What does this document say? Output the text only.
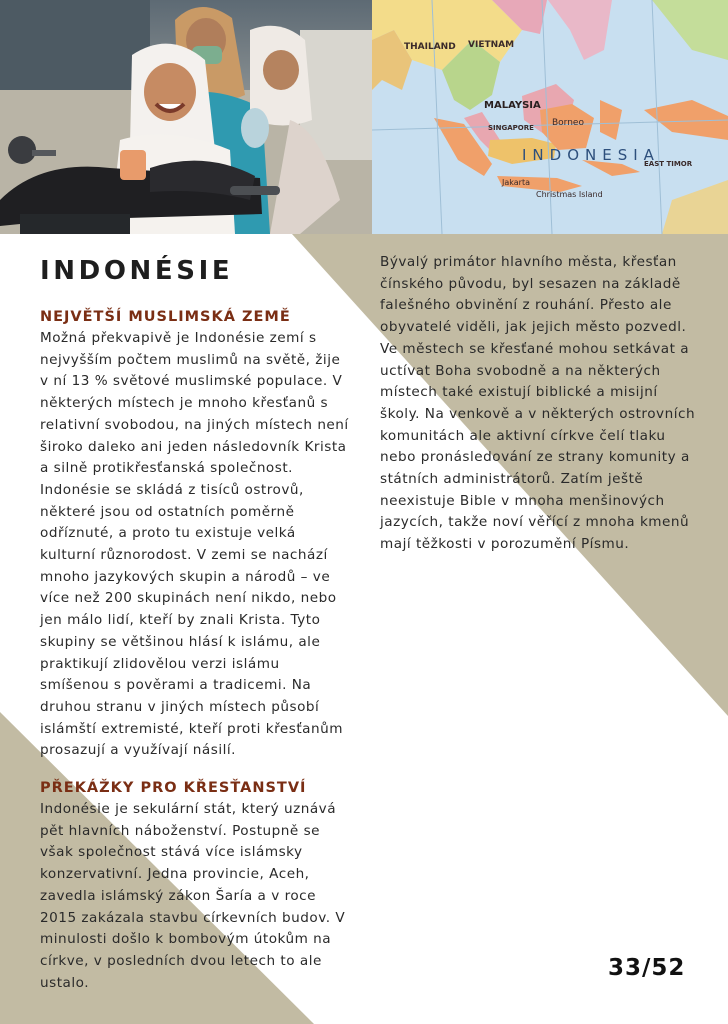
THAILAND VIETNAM
MALAYSIA
SINGAPORE Borneo
INDONESIA
Jakarta
Christmas Island
EAST TIMOR
INDONÉSIE
NEJVĚTŠÍ MUSLIMSKÁ ZEMĚ

Možná překvapivě je Indonésie zemí s nejvyšším počtem muslimů na světě, žije v ní 13 % světové muslimské populace. V některých místech je mnoho křesťanů s relativní svobodou, na jiných místech není široko daleko ani jeden následovník Krista a silně protikřesťanská společnost. Indonésie se skládá z tisíců ostrovů, některé jsou od ostatních poměrně odříznuté, a proto tu existuje velká kulturní různorodost. V zemi se nachází mnoho jazykových skupin a národů – ve více než 200 skupinách není nikdo, nebo jen málo lidí, kteří by znali Krista. Tyto skupiny se většinou hlásí k islámu, ale praktikují zlidovělou verzi islámu smíšenou s pověrami a tradicemi. Na druhou stranu v jiných místech působí islámští extremisté, kteří proti křesťanům prosazují a využívají násilí.

PŘEKÁŽKY PRO KŘESŤANSTVÍ

Indonésie je sekulární stát, který uznává pět hlavních náboženství. Postupně se však společnost stává více islámsky konzervativní. Jedna provincie, Aceh, zavedla islámský zákon Šaría a v roce 2015 zakázala stavbu církevních budov. V minulosti došlo k bombovým útokům na církve, v posledních dvou letech to ale ustalo.

Bývalý primátor hlavního města, křesťan čínského původu, byl sesazen na základě falešného obvinění z rouhání. Přesto ale obyvatelé viděli, jak jejich město pozvedl. Ve městech se křesťané mohou setkávat a uctívat Boha svobodně a na některých místech také existují biblické a misijní školy. Na venkově a v některých ostrovních komunitách ale aktivní církve čelí tlaku nebo pronásledování ze strany komunity a státních administrátorů. Zatím ještě neexistuje Bible v mnoha menšinových jazycích, takže noví věřící z mnoha kmenů mají těžkosti v porozumění Písmu.

33/52
